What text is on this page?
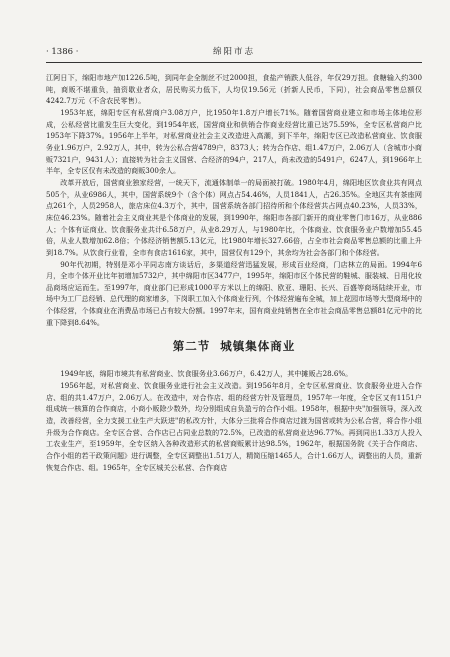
· 1386 ·	绵阳市志

江阿日下，绵阳市地产加1226.5吨，到同年企全制丝不过2000担，食盐产销跌人低谷，年仅29万担。食糖输入约300吨，商贩不堪重负，抽资歇业者众，居民购买力低下，人均仅19.56元（折新人民币，下同），社会商品零售总额仅4242.7万元（不含农民零售）。

1953年底，绵阳专区有私营商户3.08万户，比1950年1.8万户增长71%。随着国营商业建立和市场主体地位形成，公私经营比重发生巨大变化，到1954年底，国营商业和供销合作商业经营比重已达75.59%，全专区私营商户比1953年下降37%。1956年上半年，对私营商业社会主义改造进入高潮，到下半年，绵阳专区已改造私营商业、饮食服务业1.96万户，2.92万人，其中，转为公私合营4789户，8373人；转为合作店、组1.47万户，2.06万人（含城市小商贩7321户，9431人）；直接转为社会主义国营、合经济的94户，217人，尚未改造的5491户，6247人，到1966年上半年，全专区仅有未改造的商贩300余人。

改革开放后，国营商业独家经营，一统天下，流通体制单一的局面被打破。1980年4月，绵阳地区饮食业共有网点505个，从业6986人，其中，国营系统9个（含个体）网点占54.46%，人员1841人，占26.35%。全地区共有茶座网点261个，人员2958人，旅店床位4.3万个，其中，国营系统各部门招待所和个体经营共占网点40.23%，人员33%，床位46.23%。随着社会主义商业其是个体商业的发展，到1990年，绵阳市各部门新开的商业零售门市16万，从业886人；个体有证商业、饮食服务业共计6.58万户，从业8.29万人，与1980年比，个体商业、饮食服务业户数增加55.45倍，从业人数增加62.8倍；个体经济销售额5.13亿元，比1980年增长327.66倍，占全市社会商品零售总额的比重上升到18.7%。从饮食行业看，全市有食店1616家，其中，国营仅有129个，其余均为社会各部门和个体经营。

90年代初期，特别是邓小平同志南方谈话后，多渠道经营迅猛发展，形成百业经商，门店林立的局面。1994年6月，全市个体开业比年初增加5732户，其中绵阳市区3477户，1995年，绵阳市区个体民营的鞋城、服装城、日用化妆品商场应运而生。至1997年，商业部门已形成1000平方米以上的绵阳、欧亚、珊阳、长兴、百盛等商场陆续开业，市场中为工厂总经销、总代理的商家增多，下岗职工加入个体商业行列，个体经营遍布全城，加上花园市场等大型商场中的个体经营，个体商业在消费品市场已占有较大份额。1997年末，国有商业纯销售在全市社会商品零售总额81亿元中的比重下降到8.64%。

第二节 城镇集体商业

1949年底，绵阳市境共有私营商业、饮食服务业3.66万户，6.42万人，其中摊贩占28.6%。

1956年起，对私营商业、饮食服务业进行社会主义改造。到1956年8月，全专区私营商业、饮食服务业进入合作店、组的共1.47万户，2.06万人。在改造中，对合作店、组的经营方针及管理员，1957年一年度，全专区又有1151户组成统一核算的合作商店，小商小贩除少数外，均分别组成自负盈亏的合作小组。1958年，根据中央"加强领导，深入改造，改善经营，全力支援工业生产大跃进"的私改方针，大体分三批将合作商店过渡为国营或转为公私合营，将合作小组升级为合作商店。全专区合营、合作店已占同业总数的72.5%，已改造的私营商业达96.77%。再到同出1.33万人投入工农业生产，至1959年，全专区纳入各种改造形式的私营商贩累计达98.5%，1962年，根据国务院《关于合作商店、合作小组的若干政策问题》进行调整，全专区调整出1.51万人，精简压缩1465人，合计1.66万人，调整出的人员，重新恢复合作店、组。1965年，全专区城关公私营、合作商店
